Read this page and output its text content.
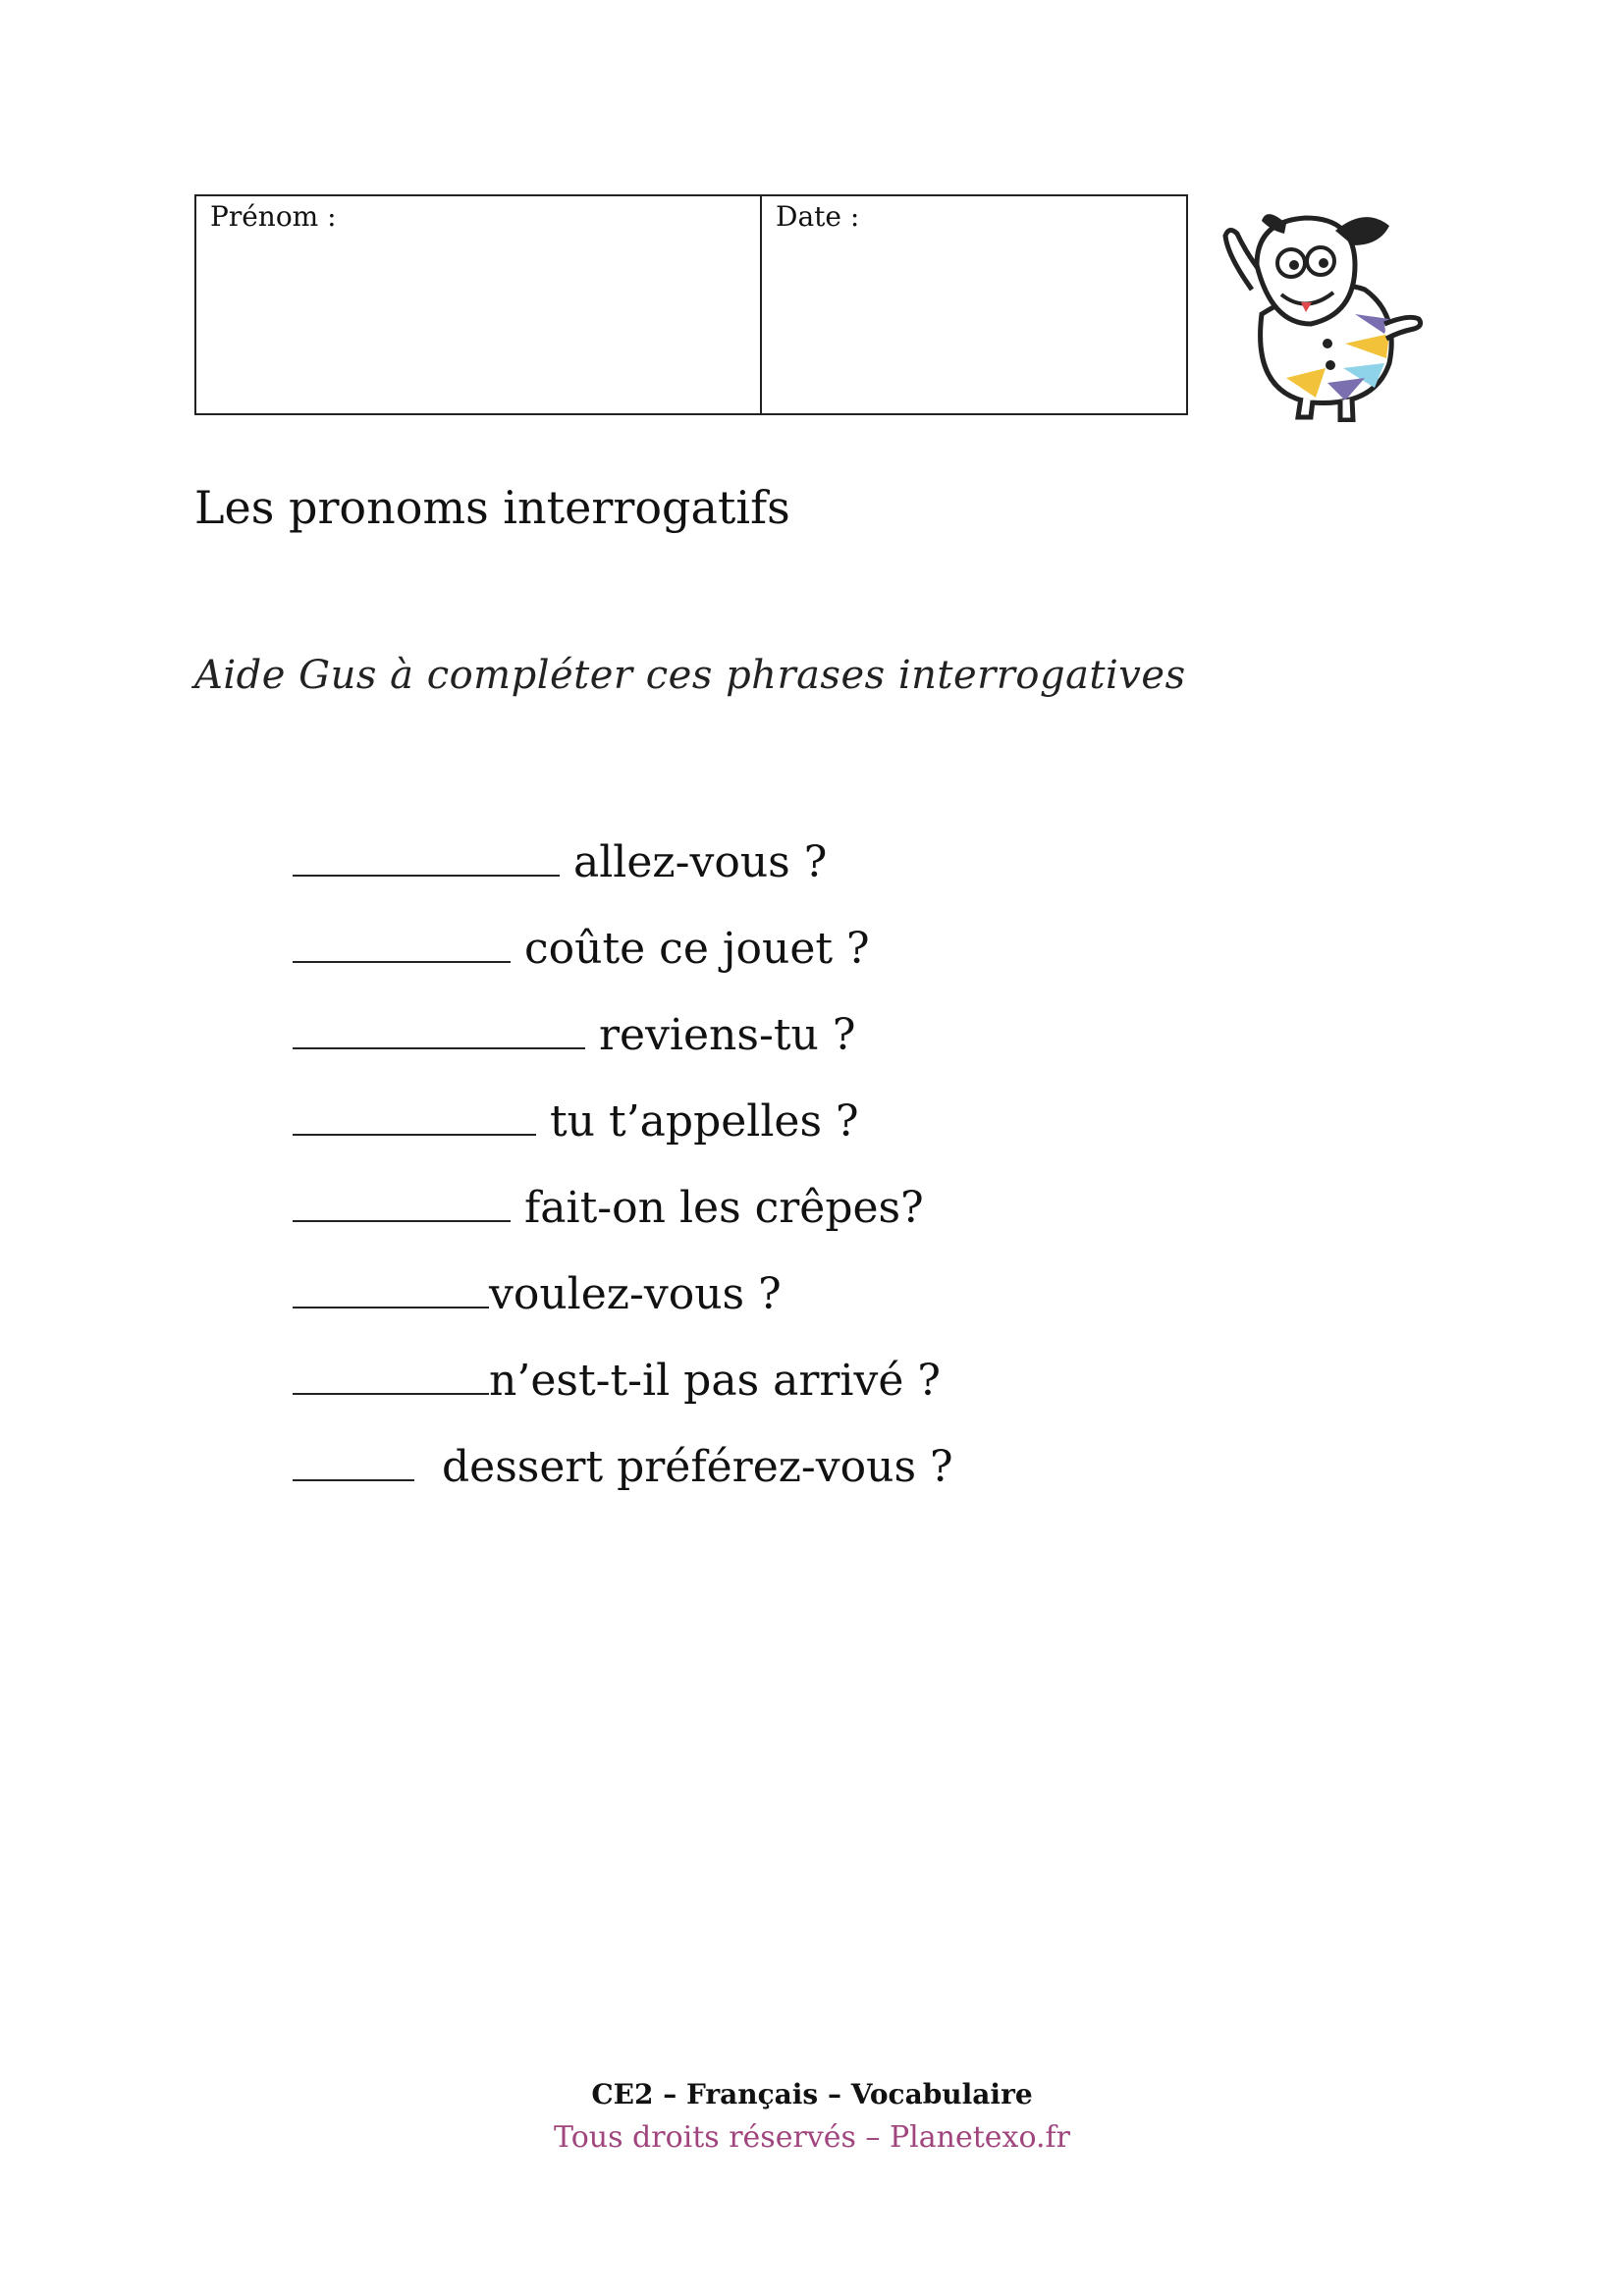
Prénom :	Date :
Les pronoms interrogatifs
Aide Gus à compléter ces phrases interrogatives
allez-vous ?
coûte ce jouet ?
reviens-tu ?
tu t’appelles ?
fait-on les crêpes?
voulez-vous ?
n’est-t-il pas arrivé ?
dessert préférez-vous ?
CE2 – Français – Vocabulaire
Tous droits réservés – Planetexo.fr
